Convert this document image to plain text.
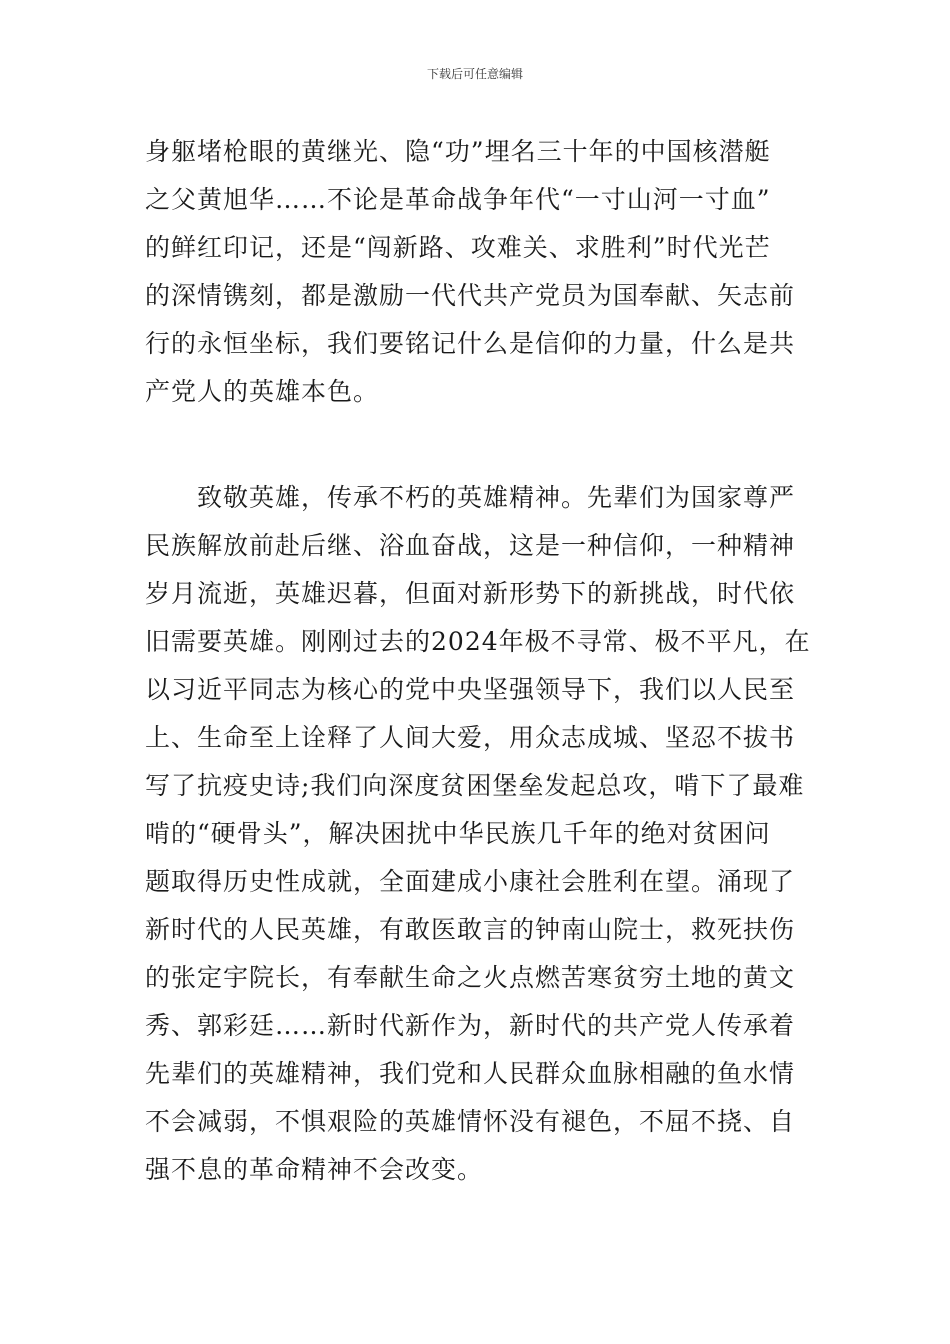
下载后可任意编辑
身躯堵枪眼的黄继光、隐“功”埋名三十年的中国核潜艇
之父黄旭华……不论是革命战争年代“一寸山河一寸血”
的鲜红印记，还是“闯新路、攻难关、求胜利”时代光芒
的深情镌刻，都是激励一代代共产党员为国奉献、矢志前
行的永恒坐标，我们要铭记什么是信仰的力量，什么是共
产党人的英雄本色。
致敬英雄，传承不朽的英雄精神。先辈们为国家尊严
民族解放前赴后继、浴血奋战，这是一种信仰，一种精神
岁月流逝，英雄迟暮，但面对新形势下的新挑战，时代依
旧需要英雄。刚刚过去的2024年极不寻常、极不平凡，在
以习近平同志为核心的党中央坚强领导下，我们以人民至
上、生命至上诠释了人间大爱，用众志成城、坚忍不拔书
写了抗疫史诗;我们向深度贫困堡垒发起总攻，啃下了最难
啃的“硬骨头”，解决困扰中华民族几千年的绝对贫困问
题取得历史性成就，全面建成小康社会胜利在望。涌现了
新时代的人民英雄，有敢医敢言的钟南山院士，救死扶伤
的张定宇院长，有奉献生命之火点燃苦寒贫穷土地的黄文
秀、郭彩廷……新时代新作为，新时代的共产党人传承着
先辈们的英雄精神，我们党和人民群众血脉相融的鱼水情
不会减弱，不惧艰险的英雄情怀没有褪色，不屈不挠、自
强不息的革命精神不会改变。
